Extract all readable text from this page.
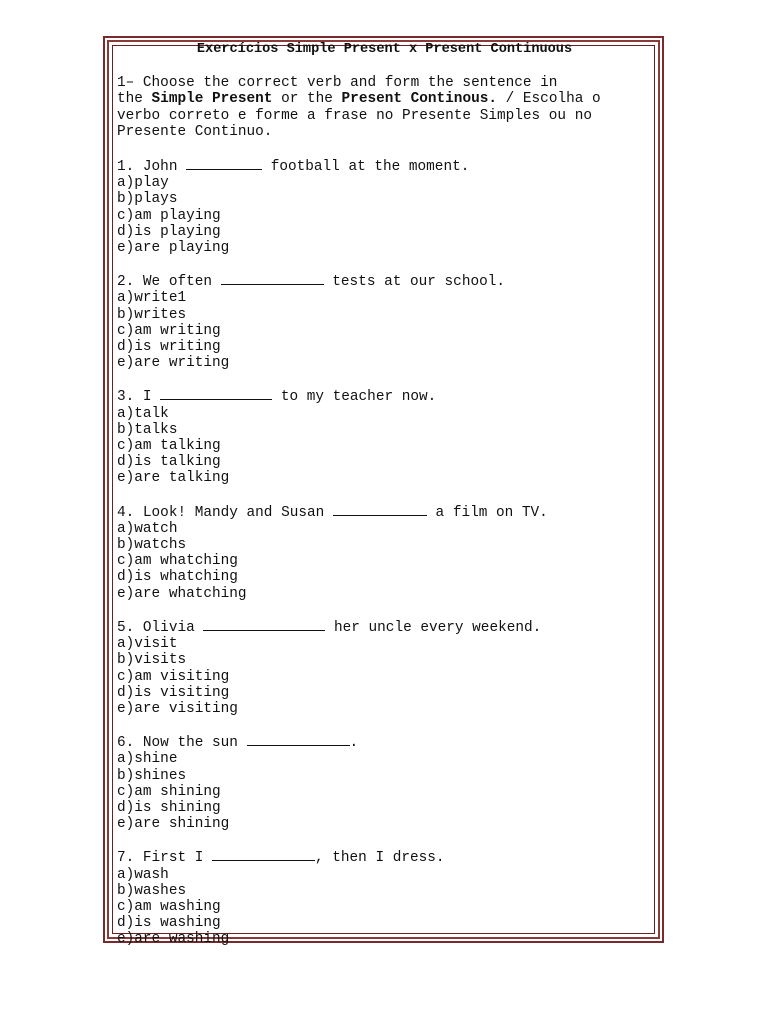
Exercícios Simple Present x Present Continuous
1– Choose the correct verb and form the sentence in
the Simple Present or the Present Continous. / Escolha o
verbo correto e forme a frase no Presente Simples ou no
Presente Continuo.
1. John	football at the moment.
a)play
b)plays
c)am playing
d)is playing
e)are playing
2. We often	tests at our school.
a)write1
b)writes
c)am writing
d)is writing
e)are writing
3. I	to my teacher now.
a)talk
b)talks
c)am talking
d)is talking
e)are talking
4. Look! Mandy and Susan	a film on TV.
a)watch
b)watchs
c)am whatching
d)is whatching
e)are whatching
5. Olivia	her uncle every weekend.
a)visit
b)visits
c)am visiting
d)is visiting
e)are visiting
6. Now the sun	.
a)shine
b)shines
c)am shining
d)is shining
e)are shining
7. First I	, then I dress.
a)wash
b)washes
c)am washing
d)is washing
e)are washing
